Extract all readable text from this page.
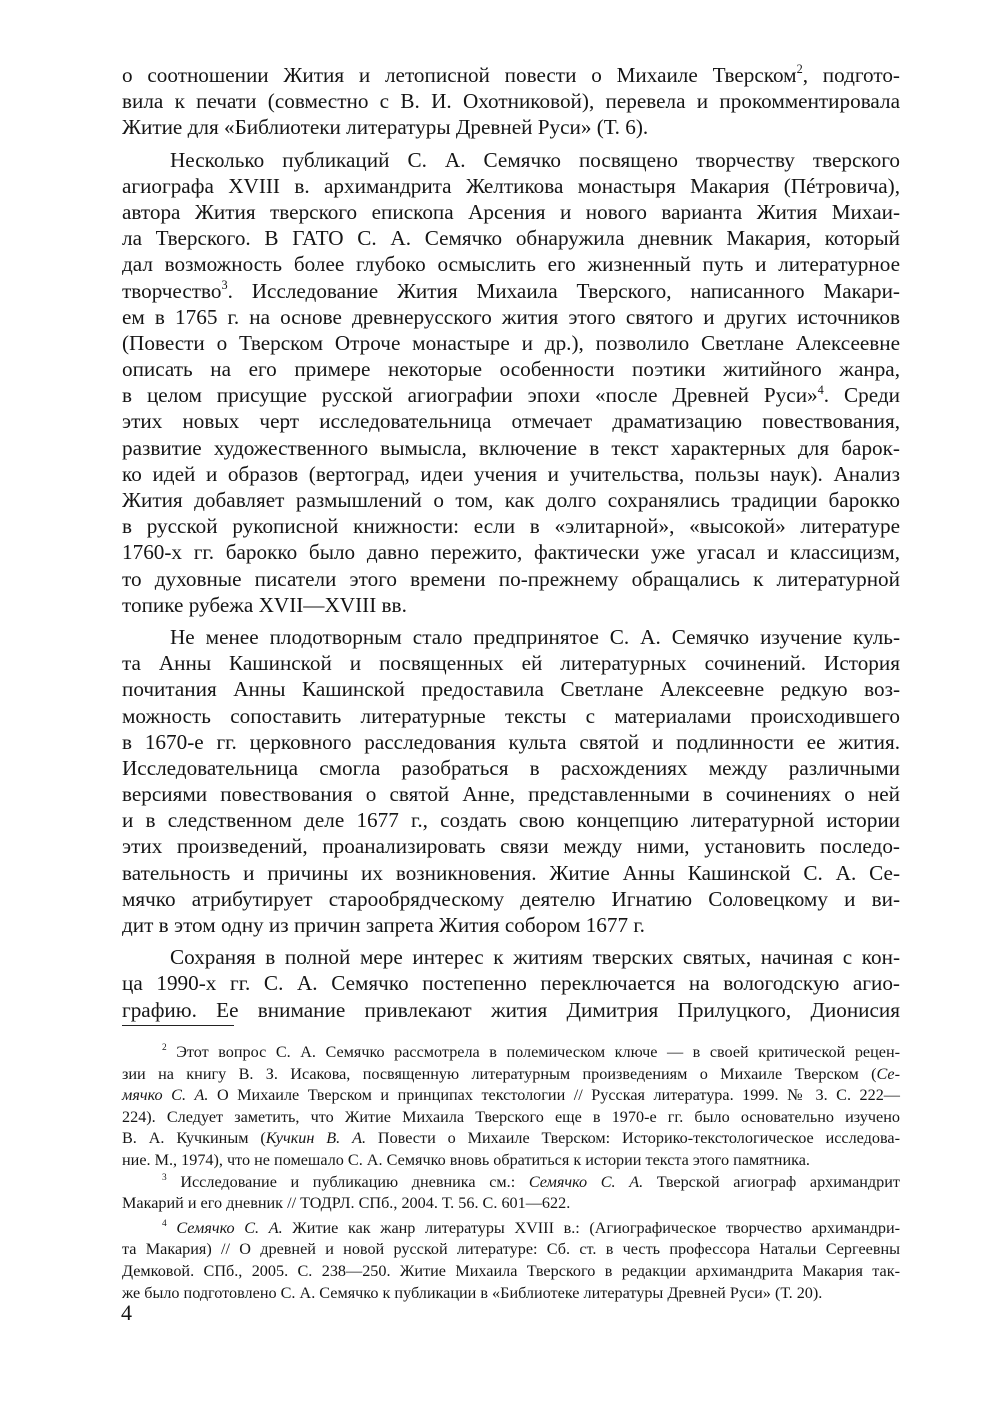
о соотношении Жития и летописной повести о Михаиле Тверском$^2$, подгото-
вила к печати (совместно с В. И. Охотниковой), перевела и прокомментировала
Житие для «Библиотеки литературы Древней Руси» (Т. 6).
Несколько публикаций С. А. Семячко посвящено творчеству тверского
агиографа XVIII в. архимандрита Желтикова монастыря Макария (Пéтровича),
автора Жития тверского епископа Арсения и нового варианта Жития Михаи-
ла Тверского. В ГАТО С. А. Семячко обнаружила дневник Макария, который
дал возможность более глубоко осмыслить его жизненный путь и литературное
творчество$^3$. Исследование Жития Михаила Тверского, написанного Макари-
ем в 1765 г. на основе древнерусского жития этого святого и других источников
(Повести о Тверском Отроче монастыре и др.), позволило Светлане Алексеевне
описать на его примере некоторые особенности поэтики житийного жанра,
в целом присущие русской агиографии эпохи «после Древней Руси»$^4$. Среди
этих новых черт исследовательница отмечает драматизацию повествования,
развитие художественного вымысла, включение в текст характерных для барок-
ко идей и образов (вертоград, идеи учения и учительства, пользы наук). Анализ
Жития добавляет размышлений о том, как долго сохранялись традиции барокко
в русской рукописной книжности: если в «элитарной», «высокой» литературе
1760-х гг. барокко было давно пережито, фактически уже угасал и классицизм,
то духовные писатели этого времени по-прежнему обращались к литературной
топике рубежа XVII—XVIII вв.
Не менее плодотворным стало предпринятое С. А. Семячко изучение куль-
та Анны Кашинской и посвященных ей литературных сочинений. История
почитания Анны Кашинской предоставила Светлане Алексеевне редкую воз-
можность сопоставить литературные тексты с материалами происходившего
в 1670-е гг. церковного расследования культа святой и подлинности ее жития.
Исследовательница смогла разобраться в расхождениях между различными
версиями повествования о святой Анне, представленными в сочинениях о ней
и в следственном деле 1677 г., создать свою концепцию литературной истории
этих произведений, проанализировать связи между ними, установить последо-
вательность и причины их возникновения. Житие Анны Кашинской С. А. Се-
мячко атрибутирует старообрядческому деятелю Игнатию Соловецкому и ви-
дит в этом одну из причин запрета Жития собором 1677 г.
Сохраняя в полной мере интерес к житиям тверских святых, начиная с кон-
ца 1990-х гг. С. А. Семячко постепенно переключается на вологодскую агио-
графию. Ее внимание привлекают жития Димитрия Прилуцкого, Дионисия
$^2$ Этот вопрос С. А. Семячко рассмотрела в полемическом ключе — в своей критической рецен-
зии на книгу В. З. Исакова, посвященную литературным произведениям о Михаиле Тверском (Се-
мячко С. А. О Михаиле Тверском и принципах текстологии // Русская литература. 1999. № 3. С. 222—
224). Следует заметить, что Житие Михаила Тверского еще в 1970-е гг. было основательно изучено
В. А. Кучкиным (Кучкин В. А. Повести о Михаиле Тверском: Историко-текстологическое исследова-
ние. М., 1974), что не помешало С. А. Семячко вновь обратиться к истории текста этого памятника.
$^3$ Исследование и публикацию дневника см.: Семячко С. А. Тверской агиограф архимандрит
Макарий и его дневник // ТОДРЛ. СПб., 2004. Т. 56. С. 601—622.
$^4$ Семячко С. А. Житие как жанр литературы XVIII в.: (Агиографическое творчество архимандри-
та Макария) // О древней и новой русской литературе: Сб. ст. в честь профессора Натальи Сергеевны
Демковой. СПб., 2005. С. 238—250. Житие Михаила Тверского в редакции архимандрита Макария так-
же было подготовлено С. А. Семячко к публикации в «Библиотеке литературы Древней Руси» (Т. 20).
4
